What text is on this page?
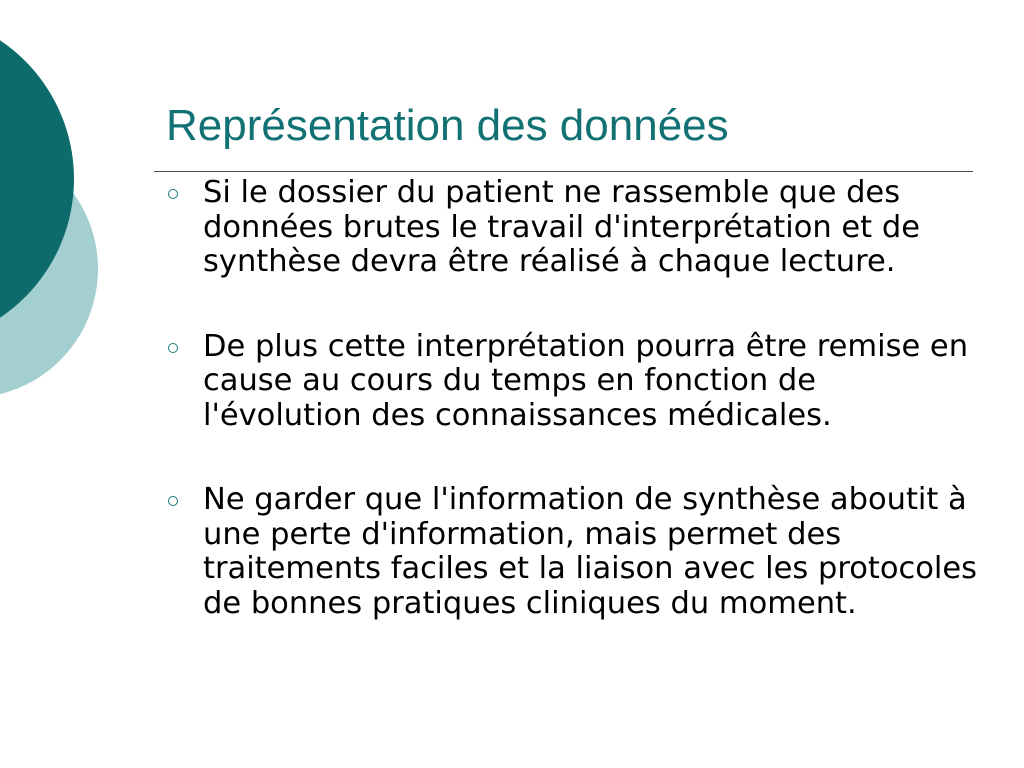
Représentation des données
Si le dossier du patient ne rassemble que des données brutes le travail d'interprétation et de synthèse devra être réalisé à chaque lecture.
De plus cette interprétation pourra être remise en cause au cours du temps en fonction de l'évolution des connaissances médicales.
Ne garder que l'information de synthèse aboutit à une perte d'information, mais permet des traitements faciles et la liaison avec les protocoles de bonnes pratiques cliniques du moment.
